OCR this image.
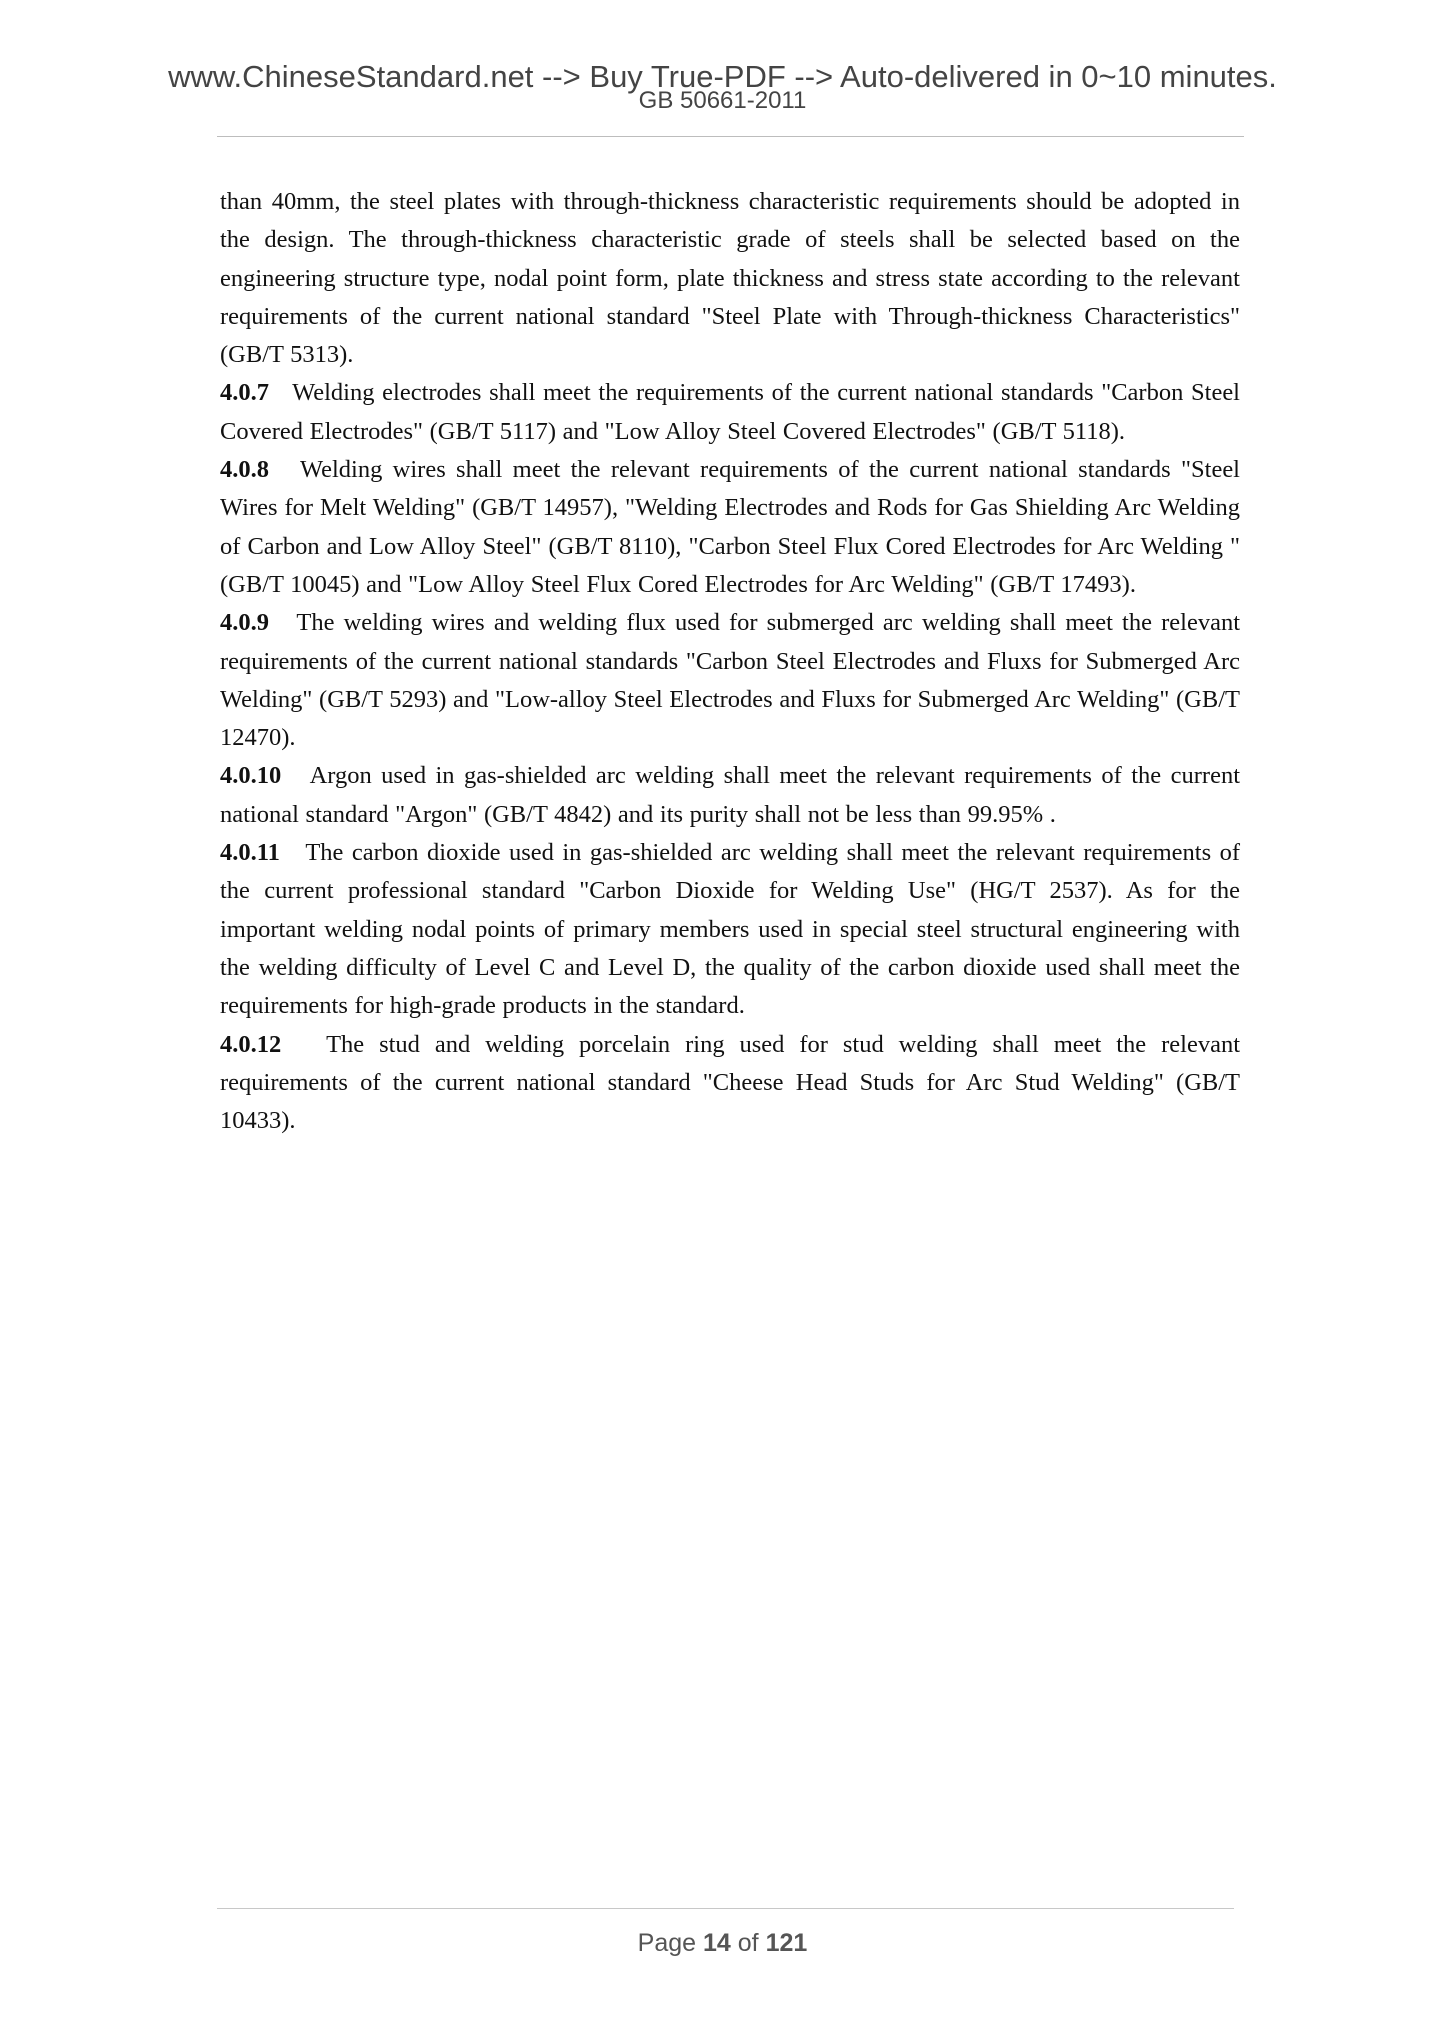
www.ChineseStandard.net --> Buy True-PDF --> Auto-delivered in 0~10 minutes.
GB 50661-2011

than 40mm, the steel plates with through-thickness characteristic requirements should be adopted in the design. The through-thickness characteristic grade of steels shall be selected based on the engineering structure type, nodal point form, plate thickness and stress state according to the relevant requirements of the current national standard "Steel Plate with Through-thickness Characteristics"(GB/T 5313).

4.0.7 Welding electrodes shall meet the requirements of the current national standards "Carbon Steel Covered Electrodes" (GB/T 5117) and "Low Alloy Steel Covered Electrodes" (GB/T 5118).

4.0.8 Welding wires shall meet the relevant requirements of the current national standards "Steel Wires for Melt Welding" (GB/T 14957), "Welding Electrodes and Rods for Gas Shielding Arc Welding of Carbon and Low Alloy Steel" (GB/T 8110), "Carbon Steel Flux Cored Electrodes for Arc Welding " (GB/T 10045) and "Low Alloy Steel Flux Cored Electrodes for Arc Welding" (GB/T 17493).

4.0.9 The welding wires and welding flux used for submerged arc welding shall meet the relevant requirements of the current national standards "Carbon Steel Electrodes and Fluxs for Submerged Arc Welding" (GB/T 5293) and "Low-alloy Steel Electrodes and Fluxs for Submerged Arc Welding" (GB/T 12470).

4.0.10 Argon used in gas-shielded arc welding shall meet the relevant requirements of the current national standard "Argon" (GB/T 4842) and its purity shall not be less than 99.95% .

4.0.11 The carbon dioxide used in gas-shielded arc welding shall meet the relevant requirements of the current professional standard "Carbon Dioxide for Welding Use" (HG/T 2537). As for the important welding nodal points of primary members used in special steel structural engineering with the welding difficulty of Level C and Level D, the quality of the carbon dioxide used shall meet the requirements for high-grade products in the standard.

4.0.12 The stud and welding porcelain ring used for stud welding shall meet the relevant requirements of the current national standard "Cheese Head Studs for Arc Stud Welding" (GB/T 10433).

Page 14 of 121
